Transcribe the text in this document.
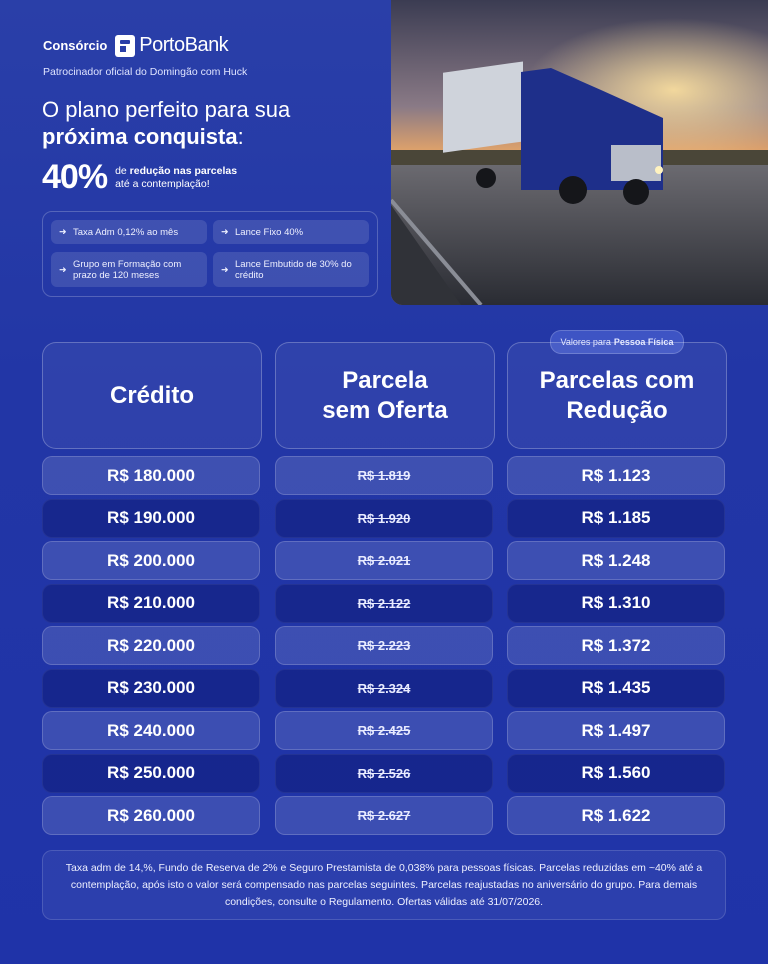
Consórcio PortoBank
Patrocinador oficial do Domingão com Huck
O plano perfeito para sua
próxima conquista:
40% de redução nas parcelas
até a contemplação!
➜ Taxa Adm 0,12% ao mês	➜ Lance Fixo 40%
➜ Grupo em Formação com prazo de 120 meses
➜ Lance Embutido de 30% do crédito
Valores para Pessoa Física
Crédito
Parcela sem Oferta
Parcelas com Redução
R$ 180.000	R$ 1.819	R$ 1.123
R$ 190.000	R$ 1.920	R$ 1.185
R$ 200.000	R$ 2.021	R$ 1.248
R$ 210.000	R$ 2.122	R$ 1.310
R$ 220.000	R$ 2.223	R$ 1.372
R$ 230.000	R$ 2.324	R$ 1.435
R$ 240.000	R$ 2.425	R$ 1.497
R$ 250.000	R$ 2.526	R$ 1.560
R$ 260.000	R$ 2.627	R$ 1.622
Taxa adm de 14,%, Fundo de Reserva de 2% e Seguro Prestamista de 0,038% para pessoas físicas. Parcelas reduzidas em ~40% até a contemplação, após isto o valor será compensado nas parcelas seguintes. Parcelas reajustadas no aniversário do grupo. Para demais condições, consulte o Regulamento. Ofertas válidas até 31/07/2026.
